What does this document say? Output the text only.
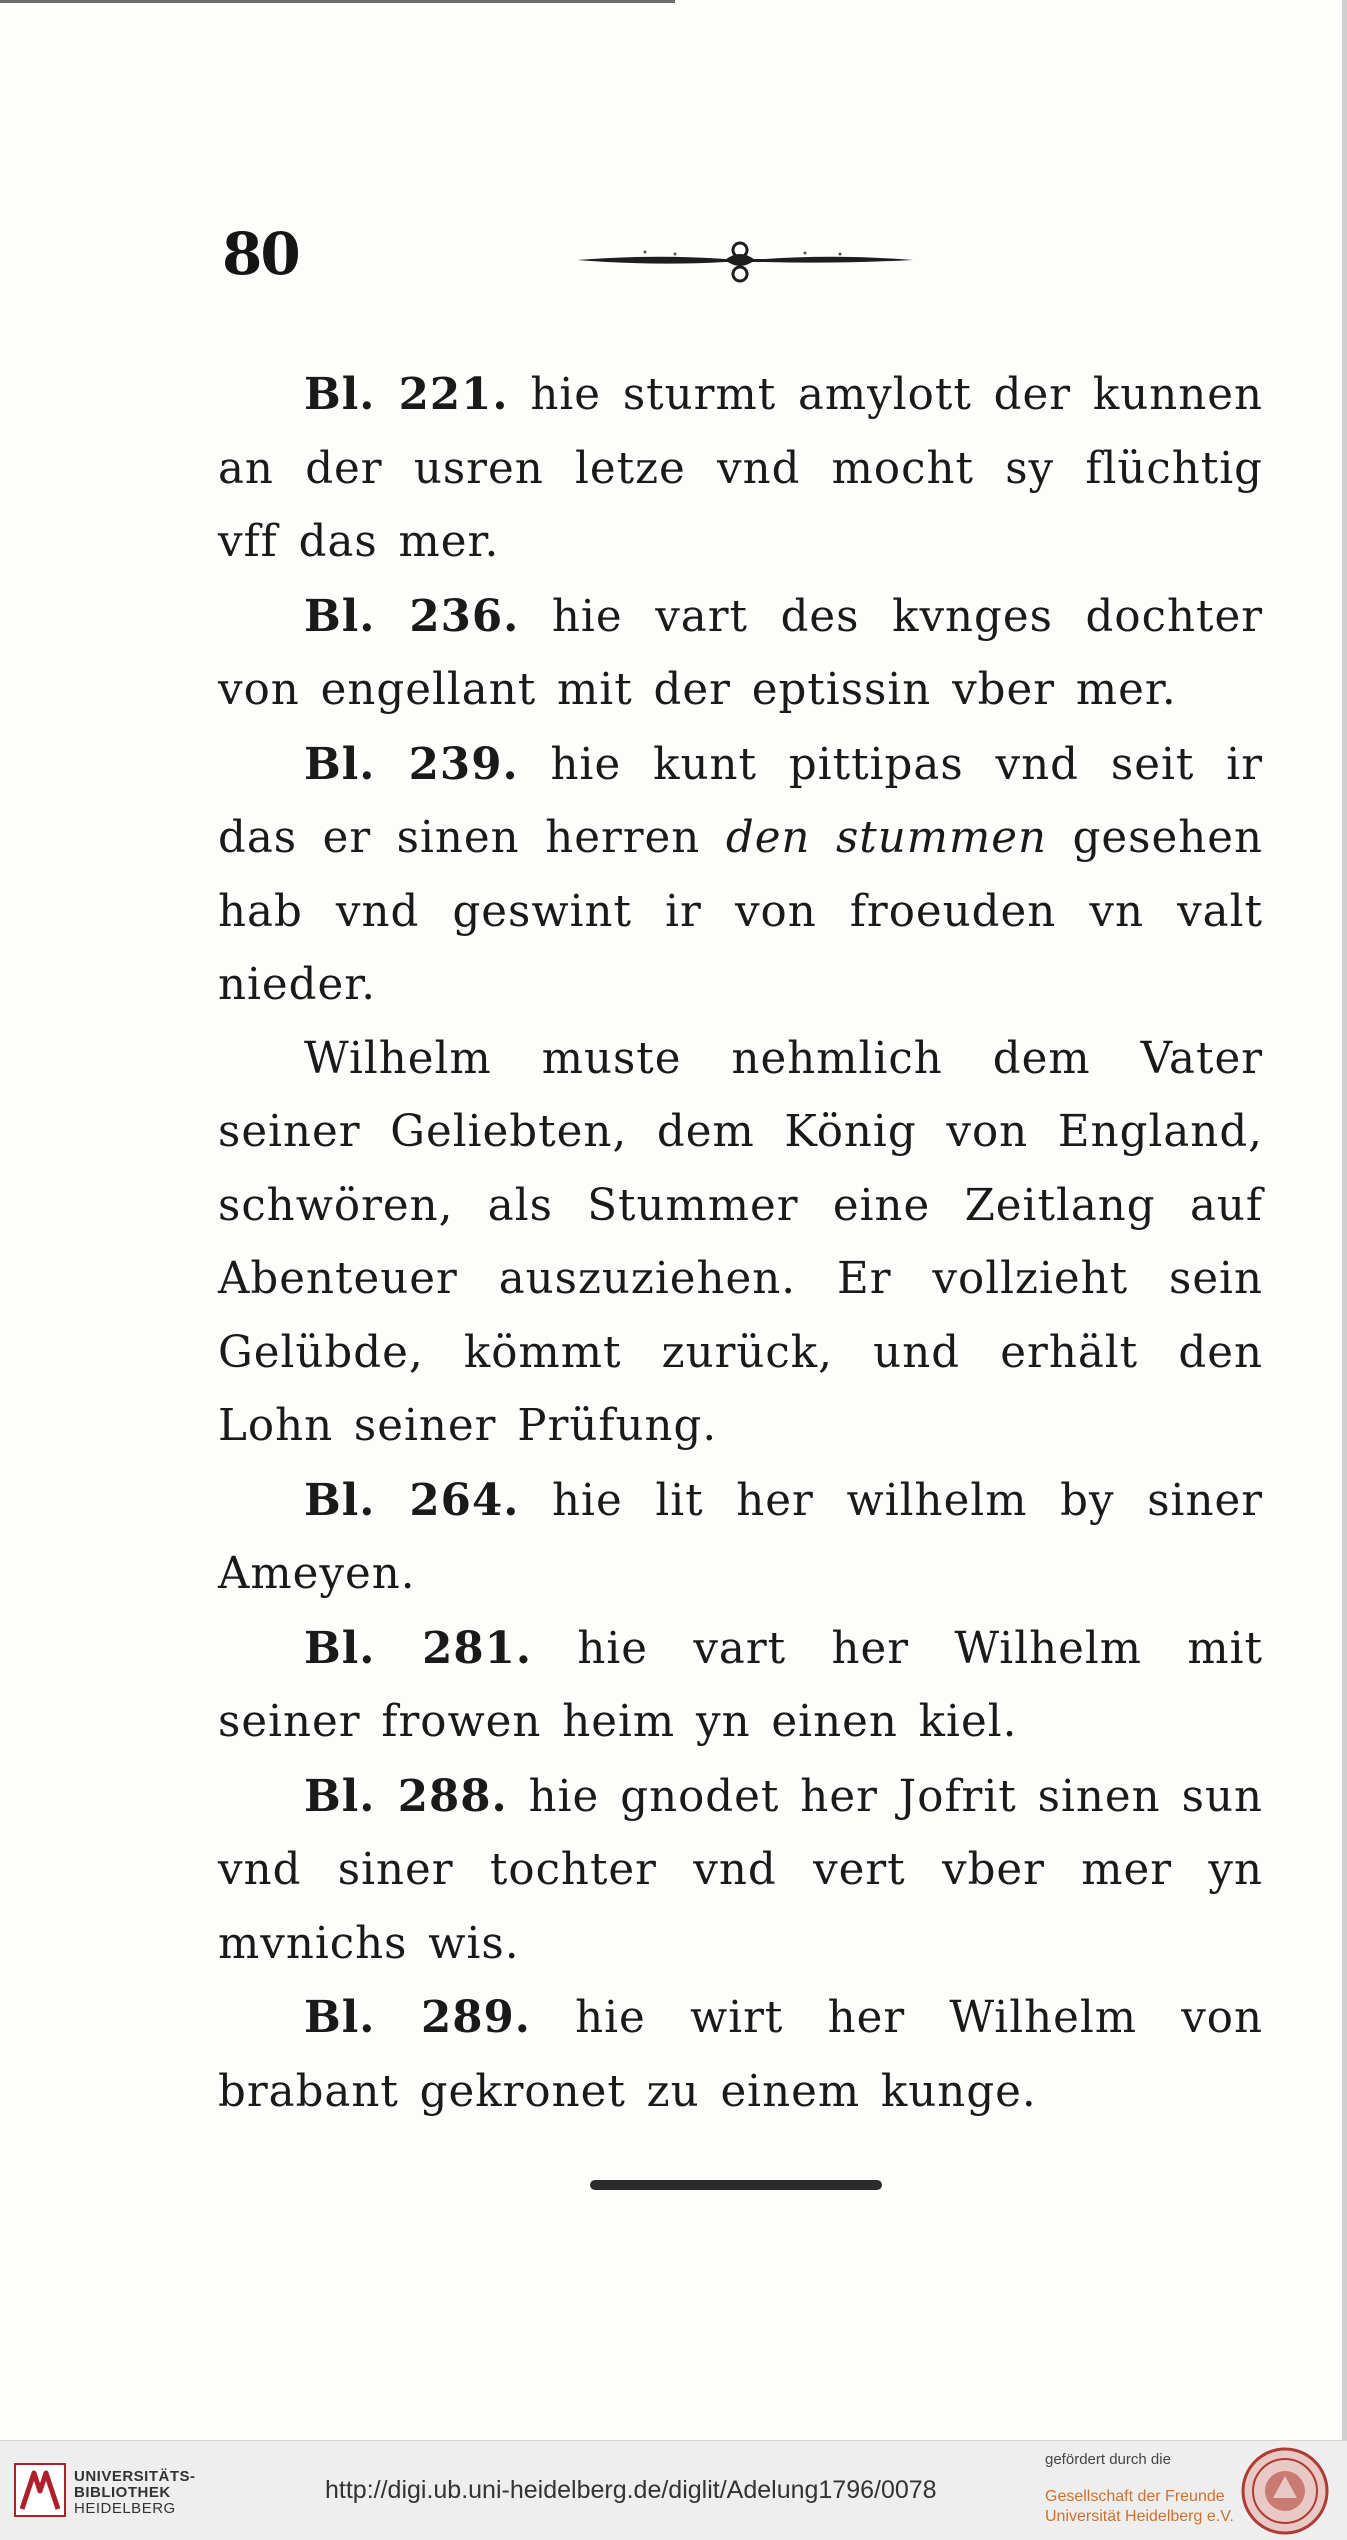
80

Bl. 221. hie sturmt amylott der kunnen an der usren letze vnd mocht sy flüchtig vff das mer.

Bl. 236. hie vart des kvnges dochter von engellant mit der eptissin vber mer.

Bl. 239. hie kunt pittipas vnd seit ir das er sinen herren den stummen gesehen hab vnd geswint ir von froeuden vn valt nieder.

Wilhelm muste nehmlich dem Vater seiner Geliebten, dem König von England, schwören, als Stummer eine Zeitlang auf Abenteuer auszuziehen. Er vollzieht sein Gelübde, kömmt zurück, und erhält den Lohn seiner Prüfung.

Bl. 264. hie lit her wilhelm by siner Ameyen.

Bl. 281. hie vart her Wilhelm mit seiner frowen heim yn einen kiel.

Bl. 288. hie gnodet her Jofrit sinen sun vnd siner tochter vnd vert vber mer yn mvnichs wis.

Bl. 289. hie wirt her Wilhelm von brabant gekronet zu einem kunge.

UNIVERSITÄTS-
BIBLIOTHEK
HEIDELBERG
http://digi.ub.uni-heidelberg.de/diglit/Adelung1796/0078
gefördert durch die
Gesellschaft der Freunde
Universität Heidelberg e.V.
